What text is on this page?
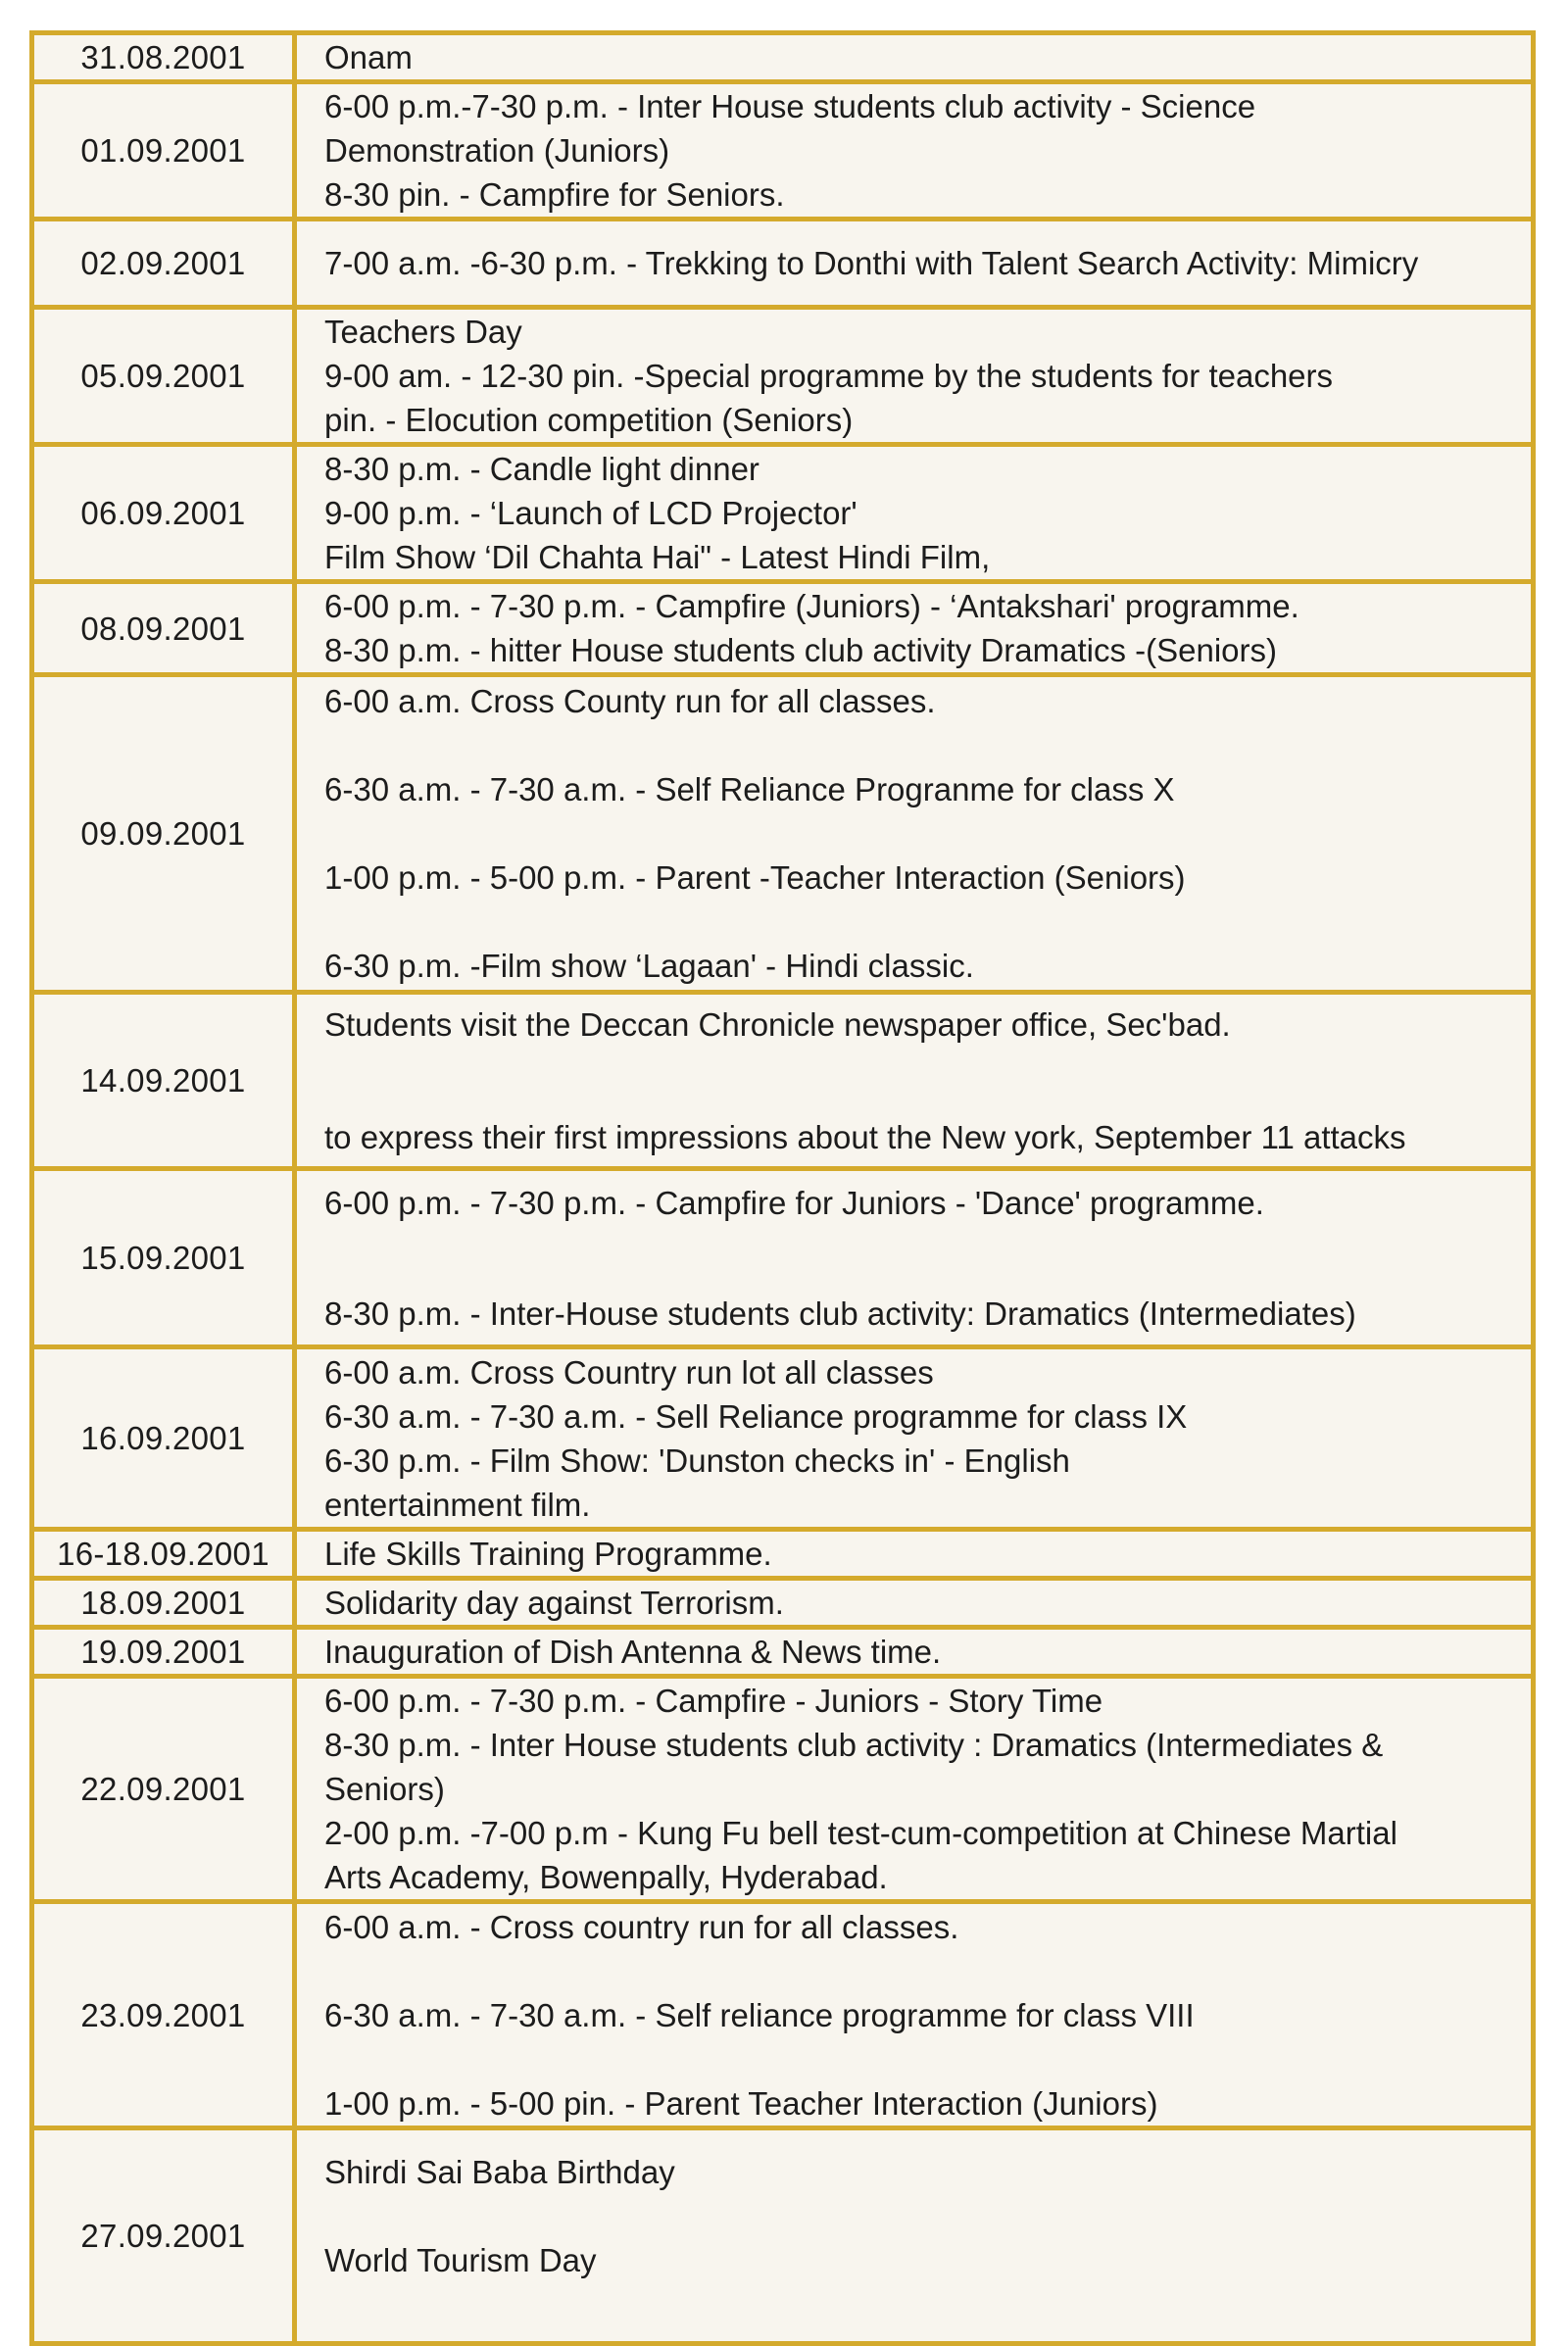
31.08.2001	Onam

01.09.2001	6-00 p.m.-7-30 p.m. - Inter House students club activity - Science
Demonstration (Juniors)
8-30 pin. - Campfire for Seniors.

02.09.2001	7-00 a.m. -6-30 p.m. - Trekking to Donthi with Talent Search Activity: Mimicry

05.09.2001	Teachers Day
9-00 am. - 12-30 pin. -Special programme by the students for teachers
pin. - Elocution competition (Seniors)

06.09.2001	8-30 p.m. - Candle light dinner
9-00 p.m. - ‘Launch of LCD Projector'
Film Show ‘Dil Chahta Hai" - Latest Hindi Film,

08.09.2001	6-00 p.m. - 7-30 p.m. - Campfire (Juniors) - ‘Antakshari' programme.
8-30 p.m. - hitter House students club activity Dramatics -(Seniors)

09.09.2001	6-00 a.m. Cross County run for all classes.
6-30 a.m. - 7-30 a.m. - Self Reliance Progranme for class X
1-00 p.m. - 5-00 p.m. - Parent -Teacher Interaction (Seniors)
6-30 p.m. -Film show ‘Lagaan' - Hindi classic.

14.09.2001	Students visit the Deccan Chronicle newspaper office, Sec'bad.
to express their first impressions about the New york, September 11 attacks

15.09.2001	6-00 p.m. - 7-30 p.m. - Campfire for Juniors - 'Dance' programme.
8-30 p.m. - Inter-House students club activity: Dramatics (Intermediates)

16.09.2001	6-00 a.m. Cross Country run lot all classes
6-30 a.m. - 7-30 a.m. - Sell Reliance programme for class IX
6-30 p.m. - Film Show: 'Dunston checks in' - English
entertainment film.

16-18.09.2001	Life Skills Training Programme.

18.09.2001	Solidarity day against Terrorism.

19.09.2001	Inauguration of Dish Antenna & News time.

22.09.2001	6-00 p.m. - 7-30 p.m. - Campfire - Juniors - Story Time
8-30 p.m. - Inter House students club activity : Dramatics (Intermediates &
Seniors)
2-00 p.m. -7-00 p.m - Kung Fu bell test-cum-competition at Chinese Martial
Arts Academy, Bowenpally, Hyderabad.

23.09.2001	6-00 a.m. - Cross country run for all classes.
6-30 a.m. - 7-30 a.m. - Self reliance programme for class VIII
1-00 p.m. - 5-00 pin. - Parent Teacher Interaction (Juniors)

27.09.2001	Shirdi Sai Baba Birthday
World Tourism Day
